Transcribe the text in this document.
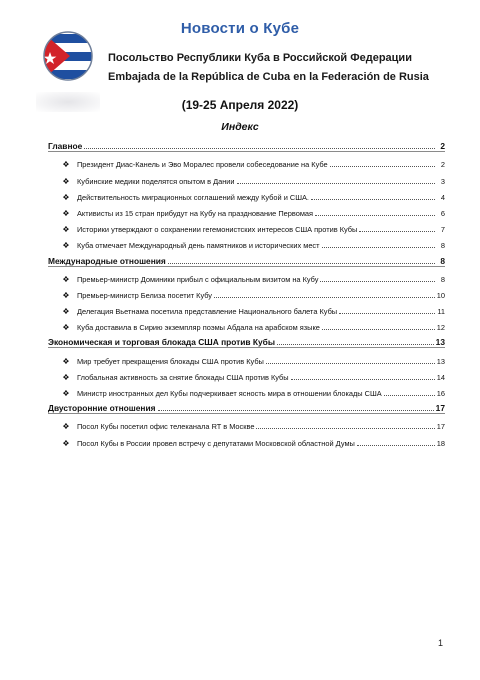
Новости о Кубе
Посольство Республики Куба в Российской Федерации
Embajada de la República de Cuba en la Federación de Rusia
(19-25 Апреля 2022)
Индекс
Главное	2
❖	Президент Диас-Канель и Эво Моралес провели собеседование на Кубе	2
❖	Кубинские медики поделятся опытом в Дании	3
❖	Действительность миграционных соглашений между Кубой и США.	4
❖	Активисты из 15 стран прибудут на Кубу на празднование Первомая	6
❖	Историки утверждают о сохранении гегемонистских интересов США против Кубы	7
❖	Куба отмечает Международный день памятников и исторических мест	8
Международные отношения	8
❖	Премьер-министр Доминики прибыл с официальным визитом на Кубу	8
❖	Премьер-министр Белиза посетит Кубу	10
❖	Делегация Вьетнама посетила представление Национального балета Кубы	11
❖	Куба доставила в Сирию экземпляр поэмы Абдала на арабском языке	12
Экономическая и торговая блокада США против Кубы	13
❖	Мир требует прекращения блокады США против Кубы	13
❖	Глобальная активность за снятие блокады США против Кубы	14
❖	Министр иностранных дел Кубы подчеркивает ясность мира в отношении блокады США	16
Двусторонние отношения	17
❖	Посол Кубы посетил офис телеканала RT в Москве	17
❖	Посол Кубы в России провел встречу с депутатами Московской областной Думы	18
1
